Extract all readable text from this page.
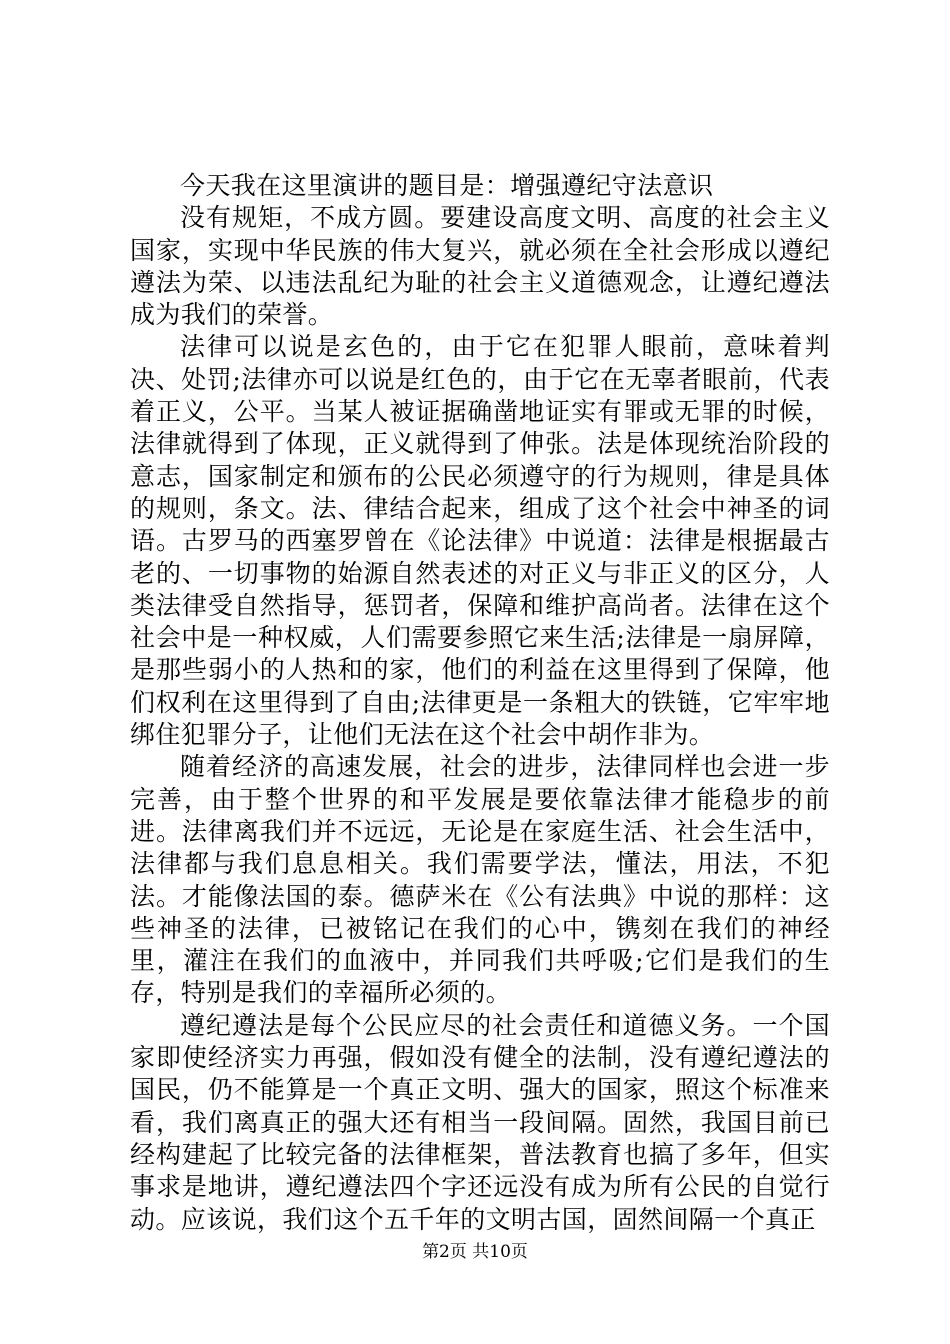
今天我在这里演讲的题目是：增强遵纪守法意识

没有规矩，不成方圆。要建设高度文明、高度的社会主义国家，实现中华民族的伟大复兴，就必须在全社会形成以遵纪遵法为荣、以违法乱纪为耻的社会主义道德观念，让遵纪遵法成为我们的荣誉。

法律可以说是玄色的，由于它在犯罪人眼前，意味着判决、处罚;法律亦可以说是红色的，由于它在无辜者眼前，代表着正义，公平。当某人被证据确凿地证实有罪或无罪的时候，法律就得到了体现，正义就得到了伸张。法是体现统治阶段的意志，国家制定和颁布的公民必须遵守的行为规则，律是具体的规则，条文。法、律结合起来，组成了这个社会中神圣的词语。古罗马的西塞罗曾在《论法律》中说道：法律是根据最古老的、一切事物的始源自然表述的对正义与非正义的区分，人类法律受自然指导，惩罚者，保障和维护高尚者。法律在这个社会中是一种权威，人们需要参照它来生活;法律是一扇屏障，是那些弱小的人热和的家，他们的利益在这里得到了保障，他们权利在这里得到了自由;法律更是一条粗大的铁链，它牢牢地绑住犯罪分子，让他们无法在这个社会中胡作非为。

随着经济的高速发展，社会的进步，法律同样也会进一步完善，由于整个世界的和平发展是要依靠法律才能稳步的前进。法律离我们并不远远，无论是在家庭生活、社会生活中，法律都与我们息息相关。我们需要学法，懂法，用法，不犯法。才能像法国的泰。德萨米在《公有法典》中说的那样：这些神圣的法律，已被铭记在我们的心中，镌刻在我们的神经里，灌注在我们的血液中，并同我们共呼吸;它们是我们的生存，特别是我们的幸福所必须的。

遵纪遵法是每个公民应尽的社会责任和道德义务。一个国家即使经济实力再强，假如没有健全的法制，没有遵纪遵法的国民，仍不能算是一个真正文明、强大的国家，照这个标准来看，我们离真正的强大还有相当一段间隔。固然，我国目前已经构建起了比较完备的法律框架，普法教育也搞了多年，但实事求是地讲，遵纪遵法四个字还远没有成为所有公民的自觉行动。应该说，我们这个五千年的文明古国，固然间隔一个真正

第2页 共10页
